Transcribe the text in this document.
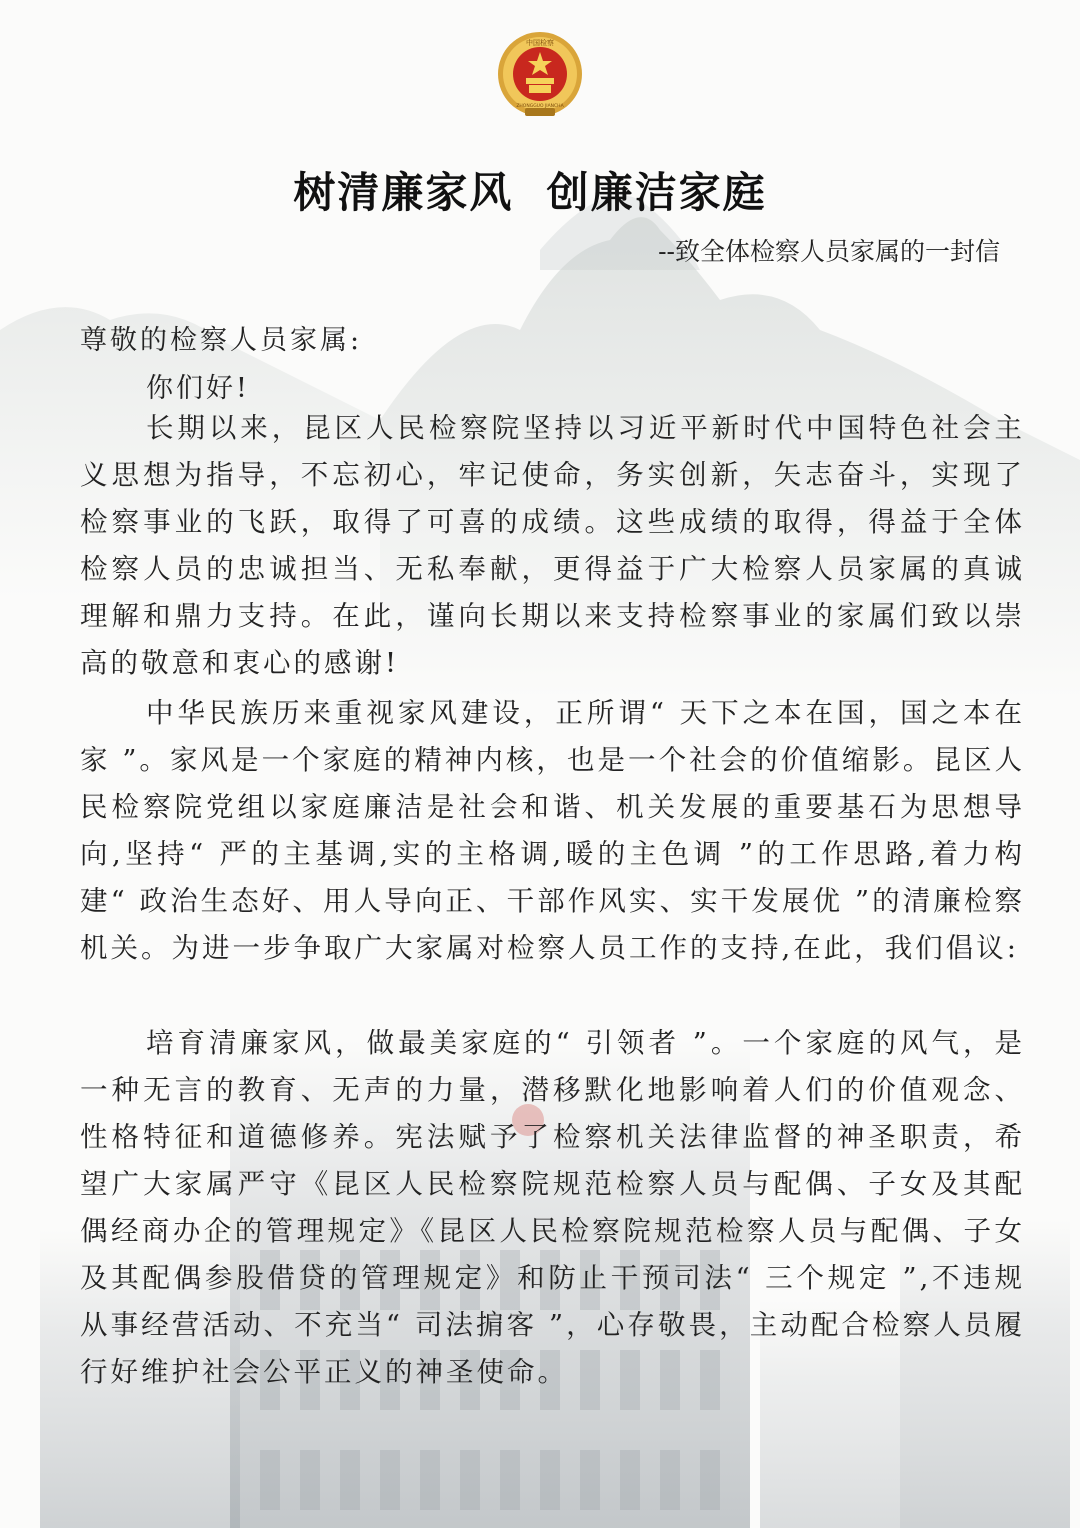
中国检察
ZHONGGUO JIANCHA
树清廉家风  创廉洁家庭
--致全体检察人员家属的一封信
尊敬的检察人员家属:
你们好!

长期以来，昆区人民检察院坚持以习近平新时代中国特色社会主义思想为指导，不忘初心，牢记使命，务实创新，矢志奋斗，实现了检察事业的飞跃，取得了可喜的成绩。这些成绩的取得，得益于全体检察人员的忠诚担当、无私奉献，更得益于广大检察人员家属的真诚理解和鼎力支持。在此，谨向长期以来支持检察事业的家属们致以崇高的敬意和衷心的感谢!

中华民族历来重视家风建设，正所谓“ 天下之本在国，国之本在家 ”。家风是一个家庭的精神内核，也是一个社会的价值缩影。昆区人民检察院党组以家庭廉洁是社会和谐、机关发展的重要基石为思想导向,坚持“ 严的主基调,实的主格调,暖的主色调 ”的工作思路,着力构建“ 政治生态好、用人导向正、干部作风实、实干发展优 ”的清廉检察机关。为进一步争取广大家属对检察人员工作的支持,在此，我们倡议:

培育清廉家风，做最美家庭的“ 引领者 ”。一个家庭的风气，是一种无言的教育、无声的力量，潜移默化地影响着人们的价值观念、性格特征和道德修养。宪法赋予了检察机关法律监督的神圣职责，希望广大家属严守《昆区人民检察院规范检察人员与配偶、子女及其配偶经商办企的管理规定》《昆区人民检察院规范检察人员与配偶、子女及其配偶参股借贷的管理规定》和防止干预司法“ 三个规定 ”,不违规从事经营活动、不充当“ 司法掮客 ”，心存敬畏，主动配合检察人员履行好维护社会公平正义的神圣使命。
